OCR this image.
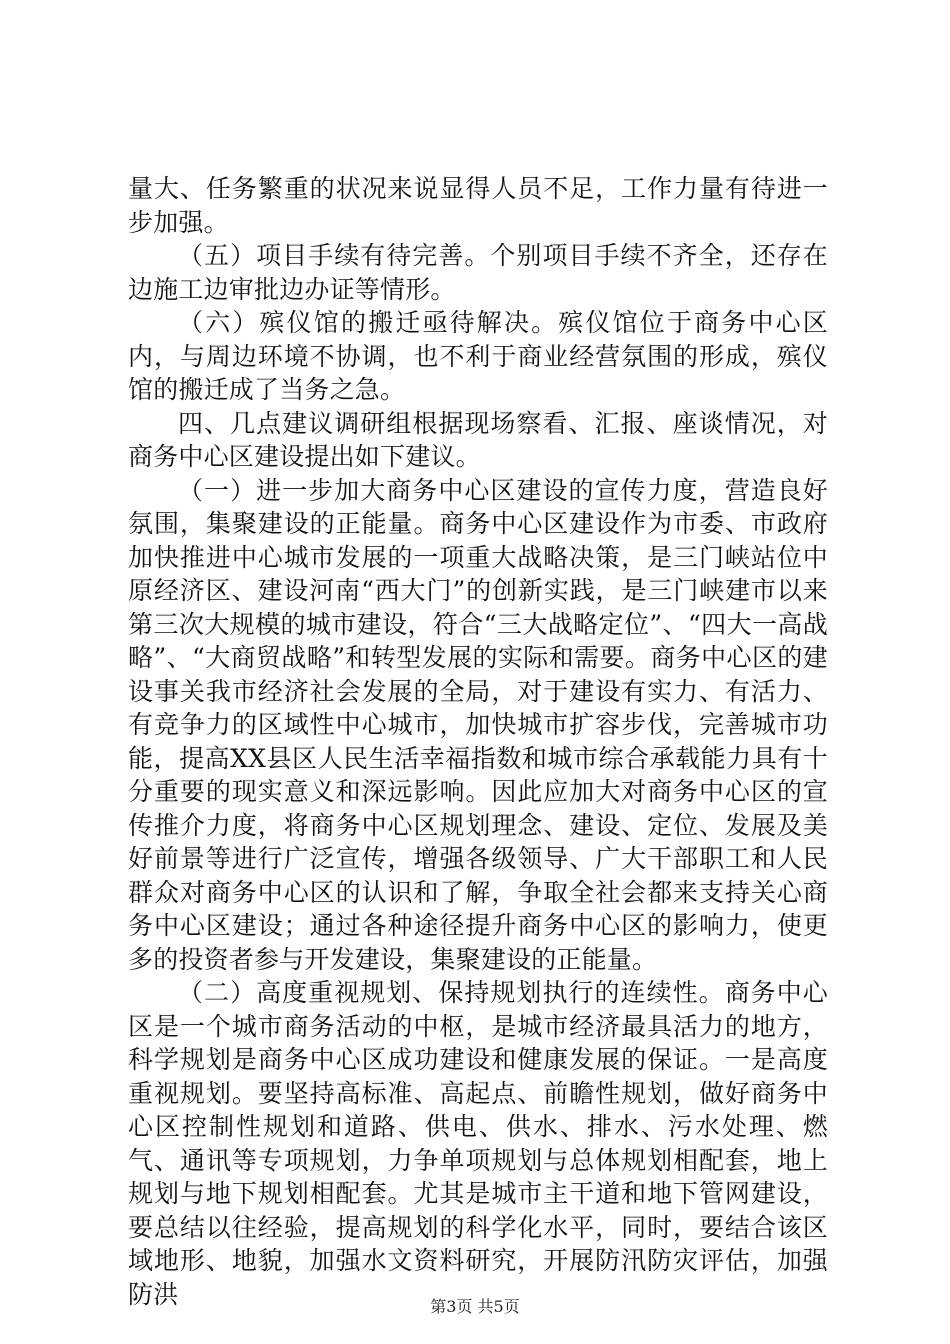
量大、任务繁重的状况来说显得人员不足，工作力量有待进一步加强。

（五）项目手续有待完善。个别项目手续不齐全，还存在边施工边审批边办证等情形。

（六）殡仪馆的搬迁亟待解决。殡仪馆位于商务中心区内，与周边环境不协调，也不利于商业经营氛围的形成，殡仪馆的搬迁成了当务之急。

四、几点建议调研组根据现场察看、汇报、座谈情况，对商务中心区建设提出如下建议。

（一）进一步加大商务中心区建设的宣传力度，营造良好氛围，集聚建设的正能量。商务中心区建设作为市委、市政府加快推进中心城市发展的一项重大战略决策，是三门峡站位中原经济区、建设河南“西大门”的创新实践，是三门峡建市以来第三次大规模的城市建设，符合“三大战略定位”、“四大一高战略”、“大商贸战略”和转型发展的实际和需要。商务中心区的建设事关我市经济社会发展的全局，对于建设有实力、有活力、有竞争力的区域性中心城市，加快城市扩容步伐，完善城市功能，提高XX县区人民生活幸福指数和城市综合承载能力具有十分重要的现实意义和深远影响。因此应加大对商务中心区的宣传推介力度，将商务中心区规划理念、建设、定位、发展及美好前景等进行广泛宣传，增强各级领导、广大干部职工和人民群众对商务中心区的认识和了解，争取全社会都来支持关心商务中心区建设；通过各种途径提升商务中心区的影响力，使更多的投资者参与开发建设，集聚建设的正能量。

（二）高度重视规划、保持规划执行的连续性。商务中心区是一个城市商务活动的中枢，是城市经济最具活力的地方，科学规划是商务中心区成功建设和健康发展的保证。一是高度重视规划。要坚持高标准、高起点、前瞻性规划，做好商务中心区控制性规划和道路、供电、供水、排水、污水处理、燃气、通讯等专项规划，力争单项规划与总体规划相配套，地上规划与地下规划相配套。尤其是城市主干道和地下管网建设，要总结以往经验，提高规划的科学化水平，同时，要结合该区域地形、地貌，加强水文资料研究，开展防汛防灾评估，加强防洪	第3页 共5页
